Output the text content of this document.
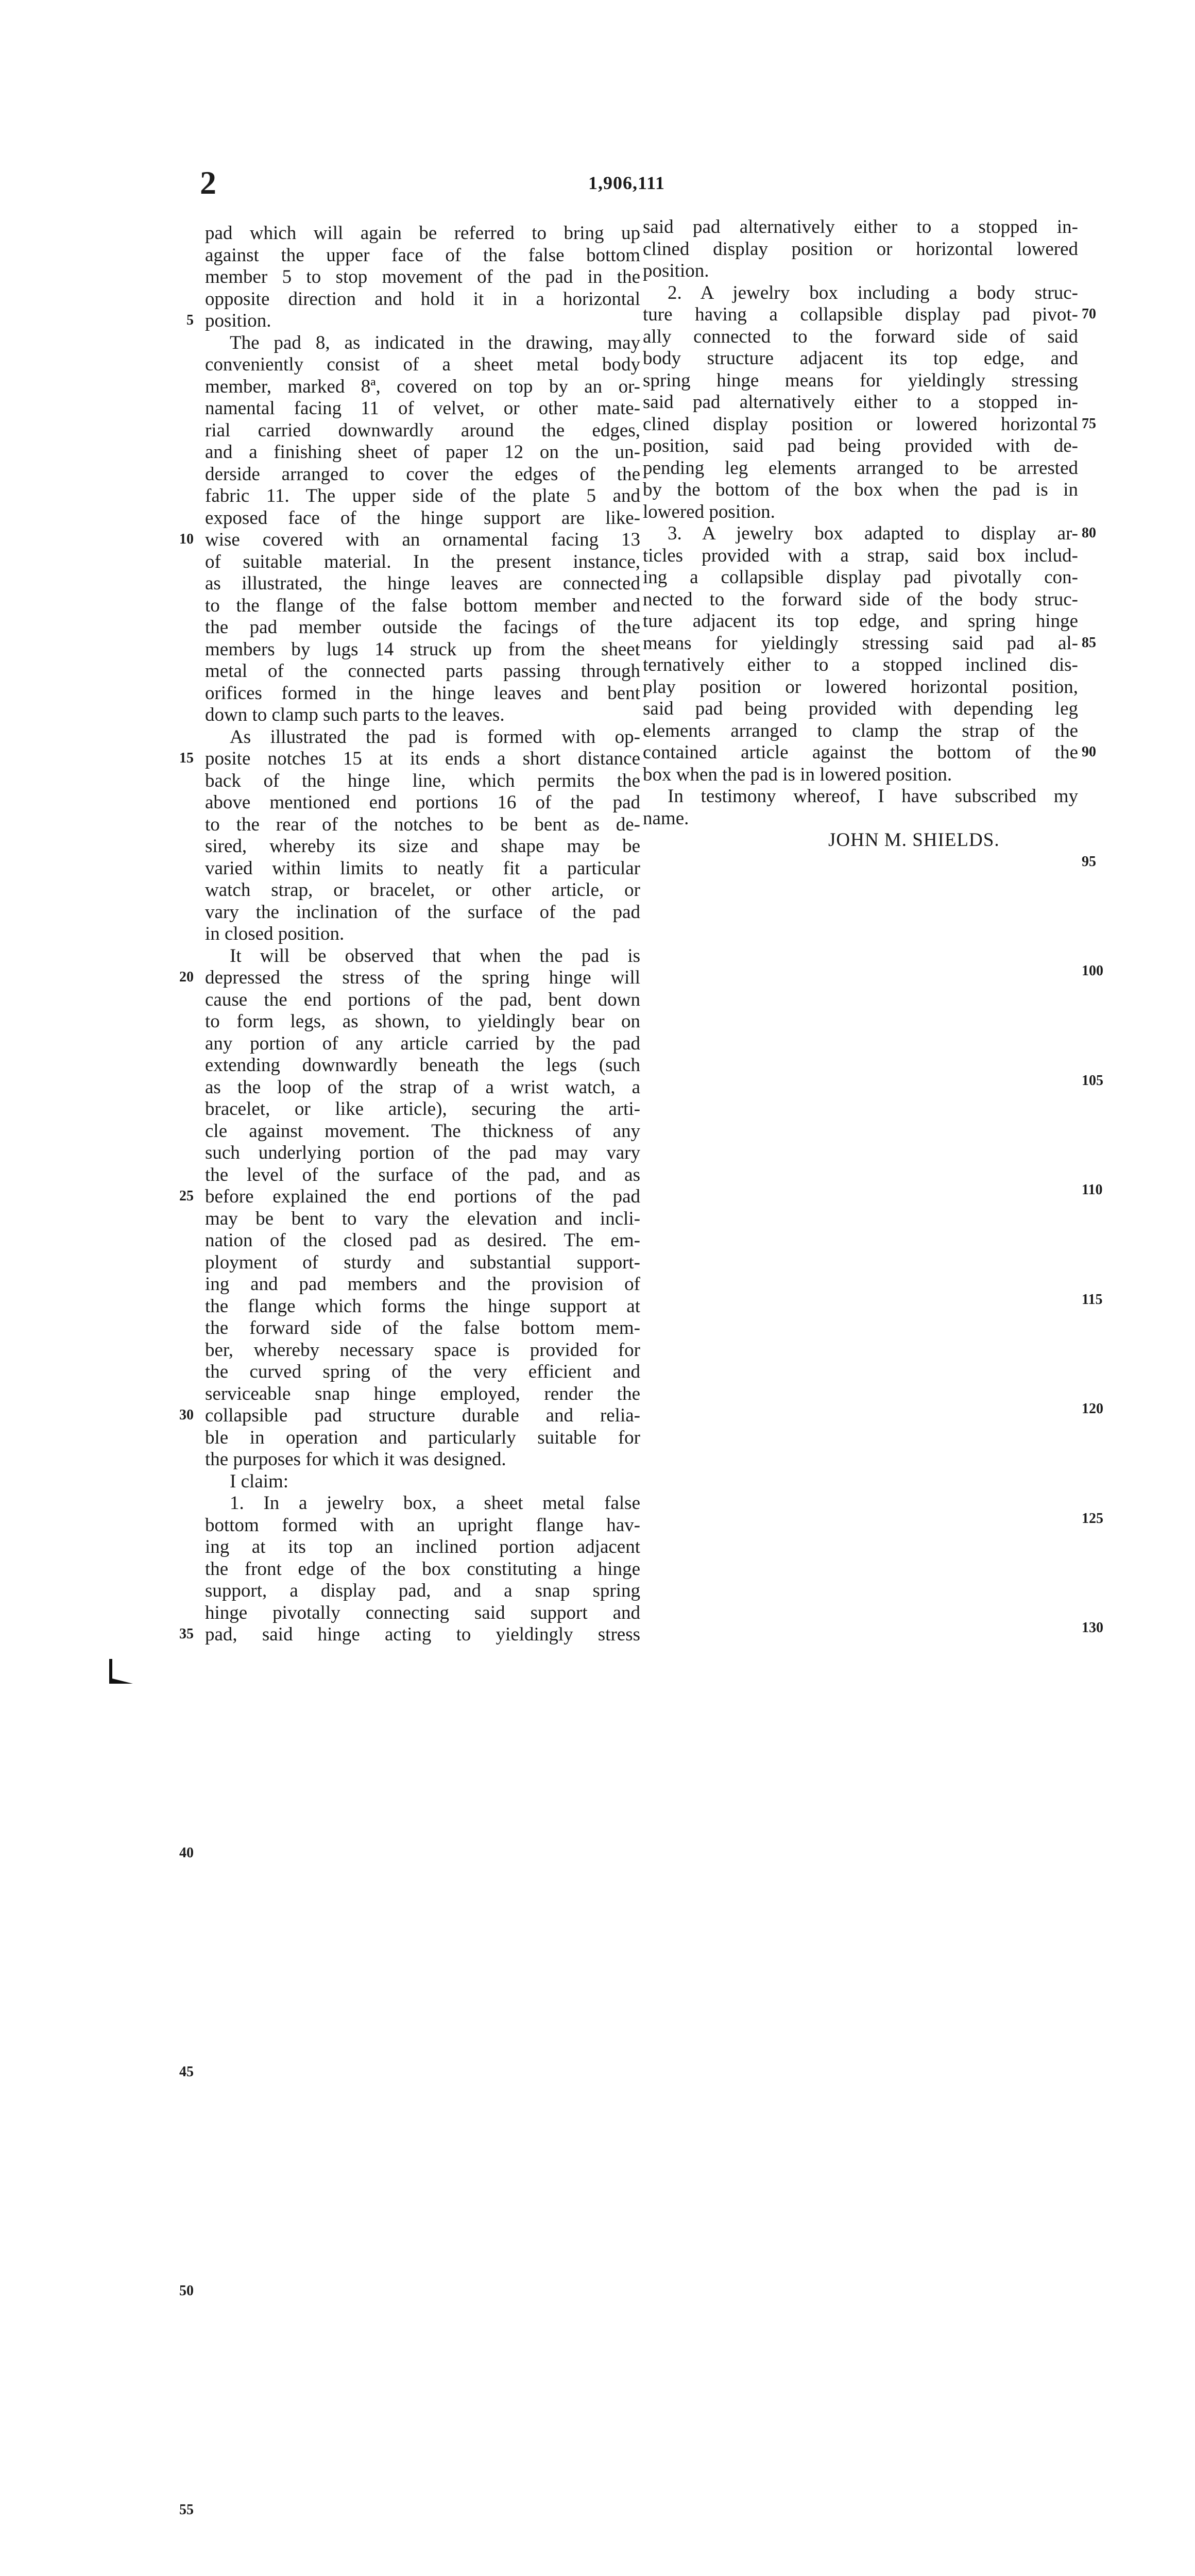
2	1,906,111
pad which will again be referred to bring up
against the upper face of the false bottom
member 5 to stop movement of the pad in the
opposite direction and hold it in a horizontal
position.
The pad 8, as indicated in the drawing, may
conveniently consist of a sheet metal body
member, marked 8ª, covered on top by an or-
namental facing 11 of velvet, or other mate-
rial carried downwardly around the edges,
and a finishing sheet of paper 12 on the un-
derside arranged to cover the edges of the
fabric 11. The upper side of the plate 5 and
exposed face of the hinge support are like-
wise covered with an ornamental facing 13
of suitable material. In the present instance,
as illustrated, the hinge leaves are connected
to the flange of the false bottom member and
the pad member outside the facings of the
members by lugs 14 struck up from the sheet
metal of the connected parts passing through
orifices formed in the hinge leaves and bent
down to clamp such parts to the leaves.
As illustrated the pad is formed with op-
posite notches 15 at its ends a short distance
back of the hinge line, which permits the
above mentioned end portions 16 of the pad
to the rear of the notches to be bent as de-
sired, whereby its size and shape may be
varied within limits to neatly fit a particular
watch strap, or bracelet, or other article, or
vary the inclination of the surface of the pad
in closed position.
It will be observed that when the pad is
depressed the stress of the spring hinge will
cause the end portions of the pad, bent down
to form legs, as shown, to yieldingly bear on
any portion of any article carried by the pad
extending downwardly beneath the legs (such
as the loop of the strap of a wrist watch, a
bracelet, or like article), securing the arti-
cle against movement. The thickness of any
such underlying portion of the pad may vary
the level of the surface of the pad, and as
before explained the end portions of the pad
may be bent to vary the elevation and incli-
nation of the closed pad as desired. The em-
ployment of sturdy and substantial support-
ing and pad members and the provision of
the flange which forms the hinge support at
the forward side of the false bottom mem-
ber, whereby necessary space is provided for
the curved spring of the very efficient and
serviceable snap hinge employed, render the
collapsible pad structure durable and relia-
ble in operation and particularly suitable for
the purposes for which it was designed.
I claim:
1. In a jewelry box, a sheet metal false
bottom formed with an upright flange hav-
ing at its top an inclined portion adjacent
the front edge of the box constituting a hinge
support, a display pad, and a snap spring
hinge pivotally connecting said support and
pad, said hinge acting to yieldingly stress
said pad alternatively either to a stopped in-
clined display position or horizontal lowered
position.
2. A jewelry box including a body struc-
ture having a collapsible display pad pivot-
ally connected to the forward side of said
body structure adjacent its top edge, and
spring hinge means for yieldingly stressing
said pad alternatively either to a stopped in-
clined display position or lowered horizontal
position, said pad being provided with de-
pending leg elements arranged to be arrested
by the bottom of the box when the pad is in
lowered position.
3. A jewelry box adapted to display ar-
ticles provided with a strap, said box includ-
ing a collapsible display pad pivotally con-
nected to the forward side of the body struc-
ture adjacent its top edge, and spring hinge
means for yieldingly stressing said pad al-
ternatively either to a stopped inclined dis-
play position or lowered horizontal position,
said pad being provided with depending leg
elements arranged to clamp the strap of the
contained article against the bottom of the
box when the pad is in lowered position.
In testimony whereof, I have subscribed my
name.
JOHN M. SHIELDS.
5
10
15
20
25
30
35
40
45
50
55
70
75
80
85
90
95
100
105
110
115
120
125
130
